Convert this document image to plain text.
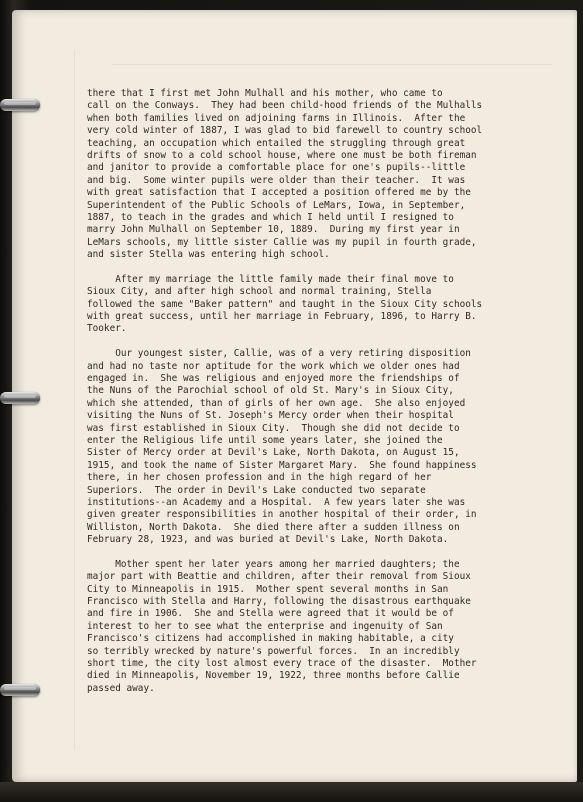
there that I first met John Mulhall and his mother, who came to
call on the Conways.  They had been child-hood friends of the Mulhalls
when both families lived on adjoining farms in Illinois.  After the
very cold winter of 1887, I was glad to bid farewell to country school
teaching, an occupation which entailed the struggling through great
drifts of snow to a cold school house, where one must be both fireman
and janitor to provide a comfortable place for one's pupils--little
and big.  Some winter pupils were older than their teacher.  It was
with great satisfaction that I accepted a position offered me by the
Superintendent of the Public Schools of LeMars, Iowa, in September,
1887, to teach in the grades and which I held until I resigned to
marry John Mulhall on September 10, 1889.  During my first year in
LeMars schools, my little sister Callie was my pupil in fourth grade,
and sister Stella was entering high school.
After my marriage the little family made their final move to
Sioux City, and after high school and normal training, Stella
followed the same "Baker pattern" and taught in the Sioux City schools
with great success, until her marriage in February, 1896, to Harry B.
Tooker.
Our youngest sister, Callie, was of a very retiring disposition
and had no taste nor aptitude for the work which we older ones had
engaged in.  She was religious and enjoyed more the friendships of
the Nuns of the Parochial school of old St. Mary's in Sioux City,
which she attended, than of girls of her own age.  She also enjoyed
visiting the Nuns of St. Joseph's Mercy order when their hospital
was first established in Sioux City.  Though she did not decide to
enter the Religious life until some years later, she joined the
Sister of Mercy order at Devil's Lake, North Dakota, on August 15,
1915, and took the name of Sister Margaret Mary.  She found happiness
there, in her chosen profession and in the high regard of her
Superiors.  The order in Devil's Lake conducted two separate
institutions--an Academy and a Hospital.  A few years later she was
given greater responsibilities in another hospital of their order, in
Williston, North Dakota.  She died there after a sudden illness on
February 28, 1923, and was buried at Devil's Lake, North Dakota.
Mother spent her later years among her married daughters; the
major part with Beattie and children, after their removal from Sioux
City to Minneapolis in 1915.  Mother spent several months in San
Francisco with Stella and Harry, following the disastrous earthquake
and fire in 1906.  She and Stella were agreed that it would be of
interest to her to see what the enterprise and ingenuity of San
Francisco's citizens had accomplished in making habitable, a city
so terribly wrecked by nature's powerful forces.  In an incredibly
short time, the city lost almost every trace of the disaster.  Mother
died in Minneapolis, November 19, 1922, three months before Callie
passed away.
